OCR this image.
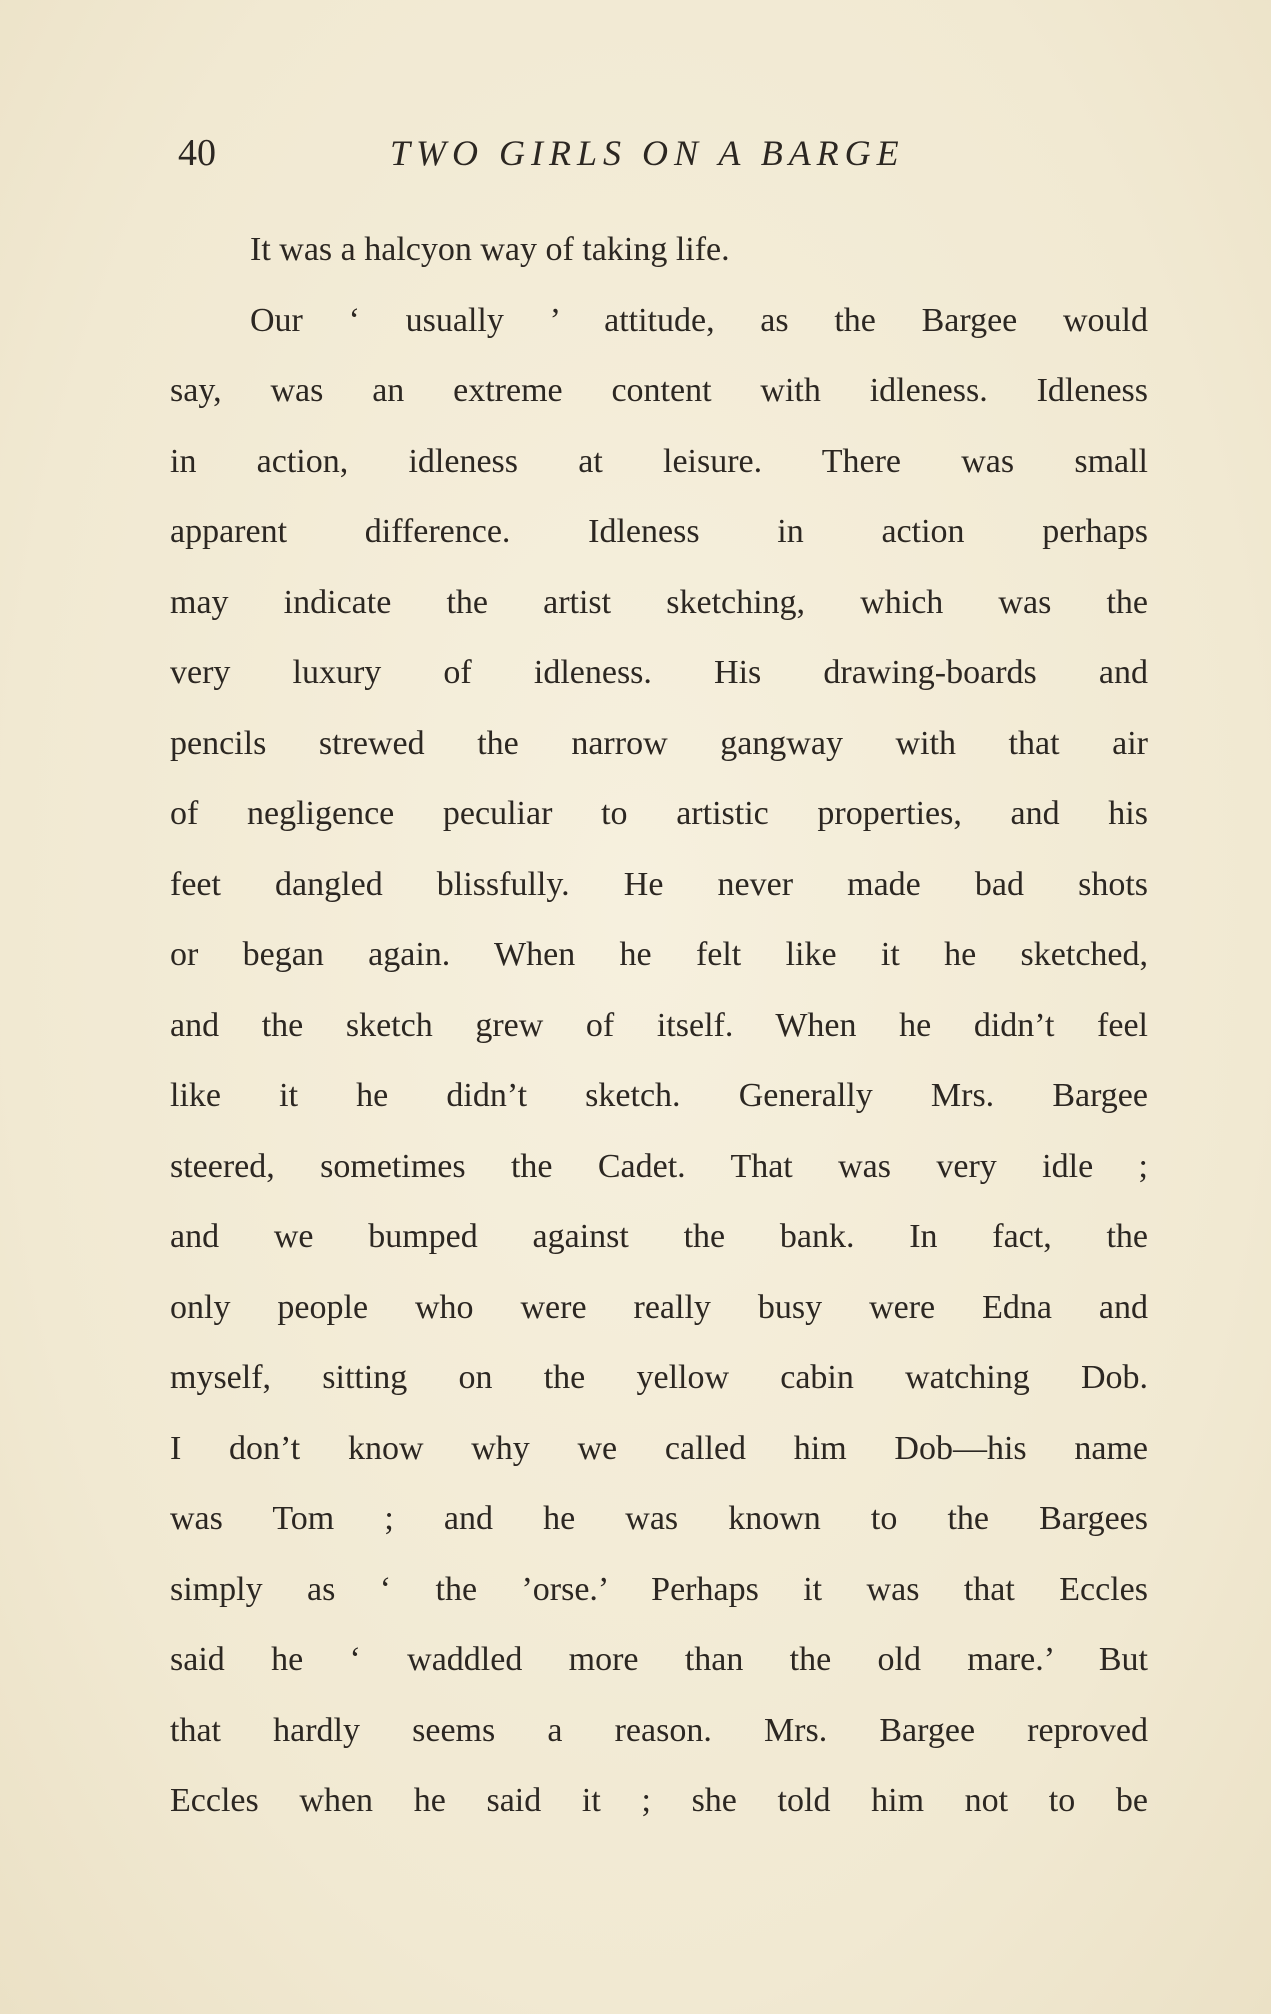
40	TWO GIRLS ON A BARGE
It was a halcyon way of taking life.
Our ‘ usually ’ attitude, as the Bargee would
say, was an extreme content with idleness. Idleness
in action, idleness at leisure. There was small
apparent difference. Idleness in action perhaps
may indicate the artist sketching, which was the
very luxury of idleness. His drawing-boards and
pencils strewed the narrow gangway with that air
of negligence peculiar to artistic properties, and his
feet dangled blissfully. He never made bad shots
or began again. When he felt like it he sketched,
and the sketch grew of itself. When he didn’t feel
like it he didn’t sketch. Generally Mrs. Bargee
steered, sometimes the Cadet. That was very idle ;
and we bumped against the bank. In fact, the
only people who were really busy were Edna and
myself, sitting on the yellow cabin watching Dob.
I don’t know why we called him Dob—his name
was Tom ; and he was known to the Bargees
simply as ‘ the ’orse.’ Perhaps it was that Eccles
said he ‘ waddled more than the old mare.’ But
that hardly seems a reason. Mrs. Bargee reproved
Eccles when he said it ; she told him not to be
